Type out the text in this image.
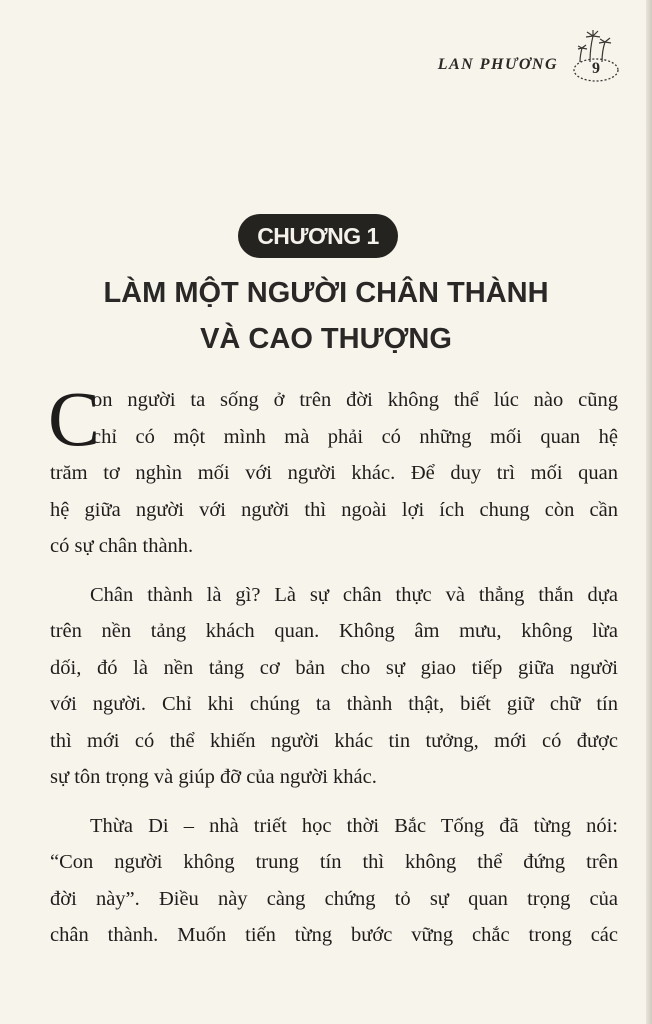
LAN PHƯƠNG	9
CHƯƠNG 1
LÀM MỘT NGƯỜI CHÂN THÀNH
VÀ CAO THƯỢNG
C
on người ta sống ở trên đời không thể lúc nào cũng
chỉ có một mình mà phải có những mối quan hệ
trăm tơ nghìn mối với người khác. Để duy trì mối quan
hệ giữa người với người thì ngoài lợi ích chung còn cần
có sự chân thành.
Chân thành là gì? Là sự chân thực và thẳng thắn dựa
trên nền tảng khách quan. Không âm mưu, không lừa
dối, đó là nền tảng cơ bản cho sự giao tiếp giữa người
với người. Chỉ khi chúng ta thành thật, biết giữ chữ tín
thì mới có thể khiến người khác tin tưởng, mới có được
sự tôn trọng và giúp đỡ của người khác.
Thừa Di – nhà triết học thời Bắc Tống đã từng nói:
“Con người không trung tín thì không thể đứng trên
đời này”. Điều này càng chứng tỏ sự quan trọng của
chân thành. Muốn tiến từng bước vững chắc trong các
